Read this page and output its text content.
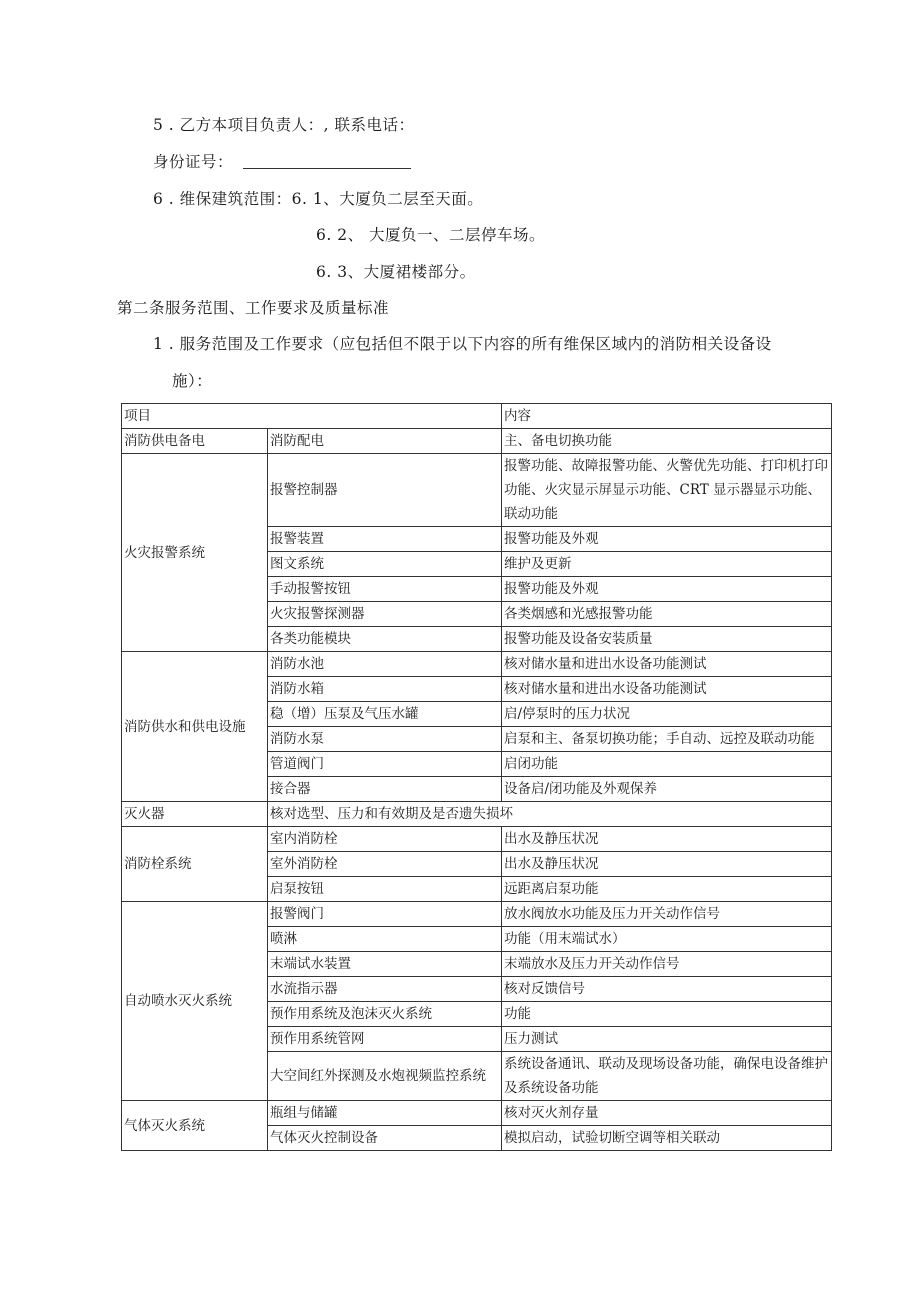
5 . 乙方本项目负责人：, 联系电话：
身份证号：
6 . 维保建筑范围：6. 1、大厦负二层至天面。
6. 2、 大厦负一、二层停车场。
6. 3、大厦裙楼部分。
第二条服务范围、工作要求及质量标准
1 . 服务范围及工作要求（应包括但不限于以下内容的所有维保区域内的消防相关设备设
施）：
项目		内容
消防供电备电	消防配电	主、备电切换功能
火灾报警系统	报警控制器	报警功能、故障报警功能、火警优先功能、打印机打印功能、火灾显示屏显示功能、CRT 显示器显示功能、联动功能
	报警装置	报警功能及外观
	图文系统	维护及更新
	手动报警按钮	报警功能及外观
	火灾报警探测器	各类烟感和光感报警功能
	各类功能模块	报警功能及设备安装质量
消防供水和供电设施	消防水池	核对储水量和进出水设备功能测试
	消防水箱	核对储水量和进出水设备功能测试
	稳（增）压泵及气压水罐	启/停泵时的压力状况
	消防水泵	启泵和主、备泵切换功能；手自动、远控及联动功能
	管道阀门	启闭功能
	接合器	设备启/闭功能及外观保养
灭火器	核对选型、压力和有效期及是否遗失损坏	
消防栓系统	室内消防栓	出水及静压状况
	室外消防栓	出水及静压状况
	启泵按钮	远距离启泵功能
自动喷水灭火系统	报警阀门	放水阀放水功能及压力开关动作信号
	喷淋	功能（用末端试水）
	末端试水装置	末端放水及压力开关动作信号
	水流指示器	核对反馈信号
	预作用系统及泡沫灭火系统	功能
	预作用系统管网	压力测试
	大空间红外探测及水炮视频监控系统	系统设备通讯、联动及现场设备功能，确保电设备维护及系统设备功能
气体灭火系统	瓶组与储罐	核对灭火剂存量
	气体灭火控制设备	模拟启动，试验切断空调等相关联动
